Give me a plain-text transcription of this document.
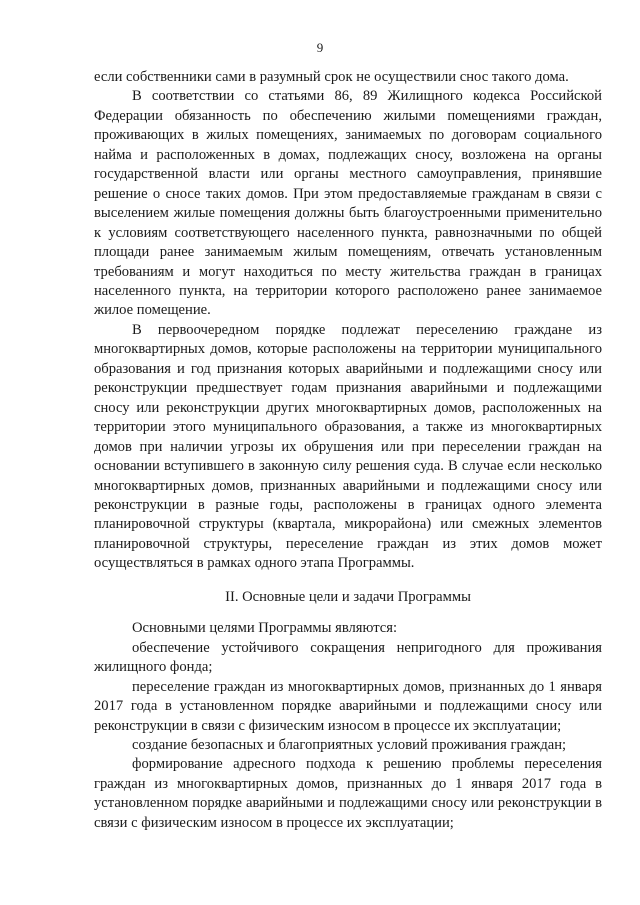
9

если собственники сами в разумный срок не осуществили снос такого дома.

В соответствии со статьями 86, 89 Жилищного кодекса Российской Федерации обязанность по обеспечению жилыми помещениями граждан, проживающих в жилых помещениях, занимаемых по договорам социального найма и расположенных в домах, подлежащих сносу, возложена на органы государственной власти или органы местного самоуправления, принявшие решение о сносе таких домов. При этом предоставляемые гражданам в связи с выселением жилые помещения должны быть благоустроенными применительно к условиям соответствующего населенного пункта, равнозначными по общей площади ранее занимаемым жилым помещениям, отвечать установленным требованиям и могут находиться по месту жительства граждан в границах населенного пункта, на территории которого расположено ранее занимаемое жилое помещение.

В первоочередном порядке подлежат переселению граждане из многоквартирных домов, которые расположены на территории муниципального образования и год признания которых аварийными и подлежащими сносу или реконструкции предшествует годам признания аварийными и подлежащими сносу или реконструкции других многоквартирных домов, расположенных на территории этого муниципального образования, а также из многоквартирных домов при наличии угрозы их обрушения или при переселении граждан на основании вступившего в законную силу решения суда. В случае если несколько многоквартирных домов, признанных аварийными и подлежащими сносу или реконструкции в разные годы, расположены в границах одного элемента планировочной структуры (квартала, микрорайона) или смежных элементов планировочной структуры, переселение граждан из этих домов может осуществляться в рамках одного этапа Программы.

II. Основные цели и задачи Программы

Основными целями Программы являются:

обеспечение устойчивого сокращения непригодного для проживания жилищного фонда;

переселение граждан из многоквартирных домов, признанных до 1 января 2017 года в установленном порядке аварийными и подлежащими сносу или реконструкции в связи с физическим износом в процессе их эксплуатации;

создание безопасных и благоприятных условий проживания граждан;

формирование адресного подхода к решению проблемы переселения граждан из многоквартирных домов, признанных до 1 января 2017 года в установленном порядке аварийными и подлежащими сносу или реконструкции в связи с физическим износом в процессе их эксплуатации;
